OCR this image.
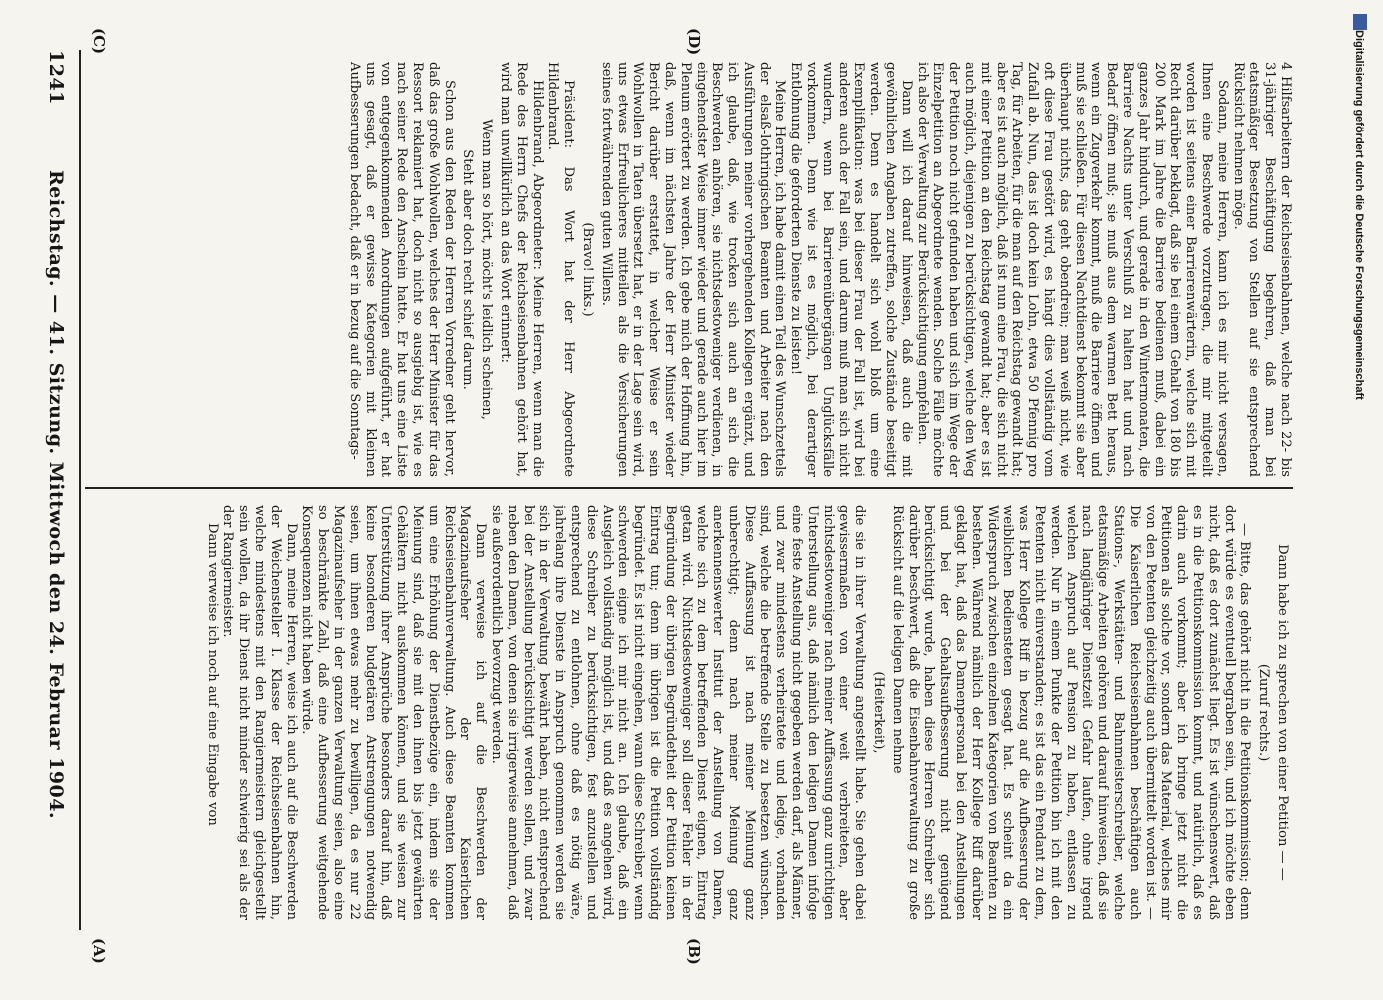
1241
Reichstag. — 41. Sitzung. Mittwoch den 24. Februar 1904.
(A)	(B)
(C)	(D)

Dann habe ich zu sprechen von einer Petition — —

(Zuruf rechts.)

— Bitte, das gehört nicht in die Petitionskommission; denn dort würde es eventuell begraben sein, und ich möchte eben nicht, daß es dort zunächst liegt. Es ist wünschenswert, daß es in die Petitionskommission kommt, und natürlich, daß es darin auch vorkommt; aber ich bringe jetzt nicht die Petitionen als solche vor, sondern das Material, welches mir von den Petenten gleichzeitig auch übermittelt worden ist. — Die Kaiserlichen Reichseisenbahnen beschäftigen auch Stations-, Werkstätten- und Bahnmeisterschreiber, welche etatsmäßige Arbeiten gehören und darauf hinweisen, daß sie nach langjähriger Dienstzeit Gefahr laufen, ohne irgend welchen Anspruch auf Pension zu haben, entlassen zu werden. Nur in einem Punkte der Petition bin ich mit den Petenten nicht einverstanden; es ist das ein Pendant zu dem, was Herr Kollege Riff in bezug auf die Aufbesserung der weiblichen Bediensteten gesagt hat. Es scheint da ein Widerspruch zwischen einzelnen Kategorien von Beamten zu bestehen. Während nämlich der Herr Kollege Riff darüber geklagt hat, daß das Damenpersonal bei den Anstellungen und bei der Gehaltsaufbesserung nicht genügend berücksichtigt wurde, haben diese Herren Schreiber sich darüber beschwert, daß die Eisenbahnverwaltung zu große Rücksicht auf die ledigen Damen nehme

(Heiterkeit),

die sie in ihrer Verwaltung angestellt habe. Sie gehen dabei gewissermaßen von einer weit verbreiteten, aber nichtsdestoweniger nach meiner Auffassung ganz unrichtigen Unterstellung aus, daß nämlich den ledigen Damen infolge eine feste Anstellung nicht gegeben werden darf, als Männer, und zwar mindestens verheiratete und ledige, vorhanden sind, welche die betreffende Stelle zu besetzen wünschen. Diese Auffassung ist nach meiner Meinung ganz unberechtigt; denn nach meiner Meinung ganz anerkennenswerter Institut der Anstellung von Damen, welche sich zu dem betreffenden Dienst eignen, Eintrag getan wird. Nichtsdestoweniger soll dieser Fehler in der Begründung der übrigen Begründetheit der Petition keinen Eintrag tun; denn im übrigen ist die Petition vollständig begründet. Es ist nicht eingehen, wann diese Schreiber, wenn schwerden eigne ich mir nicht an. Ich glaube, daß ein Ausgleich vollständig möglich ist, und daß es angehen wird, diese Schreiber zu berücksichtigen, fest anzustellen und entsprechend zu entlohnen, ohne daß es nötig wäre, jahrelang ihre Dienste in Anspruch genommen werden sie sich in der Verwaltung bewährt haben, nicht entsprechend bei der Anstellung berücksichtigt werden sollen, und zwar neben den Damen, von denen sie irrigerweise annehmen, daß sie außerordentlich bevorzugt werden.

Dann verweise ich auf die Beschwerden der Magazinaufseher der Kaiserlichen Reichseisenbahnverwaltung. Auch diese Beamten kommen um eine Erhöhung der Dienstbezüge ein, indem sie der Meinung sind, daß sie mit den ihnen bis jetzt gewährten Gehältern nicht auskommen können, und sie weisen zur Unterstützung ihrer Ansprüche besonders darauf hin, daß keine besonderen budgetären Anstrengungen notwendig seien, um ihnen etwas mehr zu bewilligen, da es nur 22 Magazinaufseher in der ganzen Verwaltung seien, also eine so beschränkte Zahl, daß eine Aufbesserung weitgehende Konsequenzen nicht haben würde.

Dann, meine Herren, weise ich auch auf die Beschwerden der Weichensteller I. Klasse der Reichseisenbahnen hin, welche mindestens mit den Rangiermeistern gleichgestellt sein wollen, da ihr Dienst nicht minder schwierig sei als der der Rangiermeister.

Dann verweise ich noch auf eine Eingabe von

4 Hilfsarbeitern der Reichseisenbahnen, welche nach 22- bis 31-jähriger Beschäftigung begehren, daß man bei etatsmäßiger Besetzung von Stellen auf sie entsprechend Rücksicht nehmen möge.

Sodann, meine Herren, kann ich es mir nicht versagen, Ihnen eine Beschwerde vorzutragen, die mir mitgeteilt worden ist seitens einer Barrierenwärterin, welche sich mit Recht darüber beklagt, daß sie bei einem Gehalt von 180 bis 200 Mark im Jahre die Barriere bedienen muß, dabei ein ganzes Jahr hindurch, und gerade in den Wintermonaten, die Barriere Nachts unter Verschluß zu halten hat und nach Bedarf öffnen muß; sie muß aus dem warmen Bett heraus, wenn ein Zugverkehr kommt, muß die Barriere öffnen und muß sie schließen. Für diesen Nachtdienst bekommt sie aber überhaupt nichts, das geht obendrein; man weiß nicht, wie oft diese Frau gestört wird, es hängt dies vollständig vom Zufall ab. Nun, das ist doch kein Lohn, etwa 50 Pfennig pro Tag, für Arbeiten, für die man auf den Reichstag gewandt hat; aber es ist auch möglich, daß ist nun eine Frau, die sich nicht mit einer Petition an den Reichstag gewandt hat; aber es ist auch möglich, diejenigen zu berücksichtigen, welche den Weg der Petition noch nicht gefunden haben und sich im Wege der Einzelpetition an Abgeordnete wenden. Solche Fälle möchte ich also der Verwaltung zur Berücksichtigung empfehlen.

Dann will ich darauf hinweisen, daß auch die mit gewöhnlichen Angaben zutreffen, solche Zustände beseitigt werden. Denn es handelt sich wohl bloß um eine Exemplifikation: was bei dieser Frau der Fall ist, wird bei anderen auch der Fall sein, und darum muß man sich nicht wundern, wenn bei Barrierenübergängen Unglücksfälle vorkommen. Denn wie ist es möglich, bei derartiger Entlohnung die geforderten Dienste zu leisten!

Meine Herren, ich habe damit einen Teil des Wunschzettels der elsaß-lothringischen Beamten und Arbeiter nach den Ausführungen meiner vorhergehenden Kollegen ergänzt, und ich glaube, daß, wie trocken sich auch an sich die Beschwerden anhören, sie nichtsdestoweniger verdienen, in eingehendster Weise immer wieder und gerade auch hier im Plenum erörtert zu werden. Ich gebe mich der Hoffnung hin, daß, wenn im nächsten Jahre der Herr Minister wieder Bericht darüber erstattet, in welcher Weise er sein Wohlwollen in Taten übersetzt hat, er in der Lage sein wird, uns etwas Erfreulicheres mitteilen als die Versicherungen seines fortwährenden guten Willens.

(Bravo! links.)

Präsident: Das Wort hat der Herr Abgeordnete Hildenbrand.

Hildenbrand, Abgeordneter: Meine Herren, wenn man die Rede des Herrn Chefs der Reichseisenbahnen gehört hat, wird man unwillkürlich an das Wort erinnert:

Wenn man so hört, möcht's leidlich scheinen,

Steht aber doch recht schief darum.

Schon aus den Reden der Herren Vorredner geht hervor, daß das große Wohlwollen, welches der Herr Minister für das Ressort reklamiert hat, doch nicht so ausgiebig ist, wie es nach seiner Rede den Anschein hatte. Er hat uns eine Liste von entgegenkommenden Anordnungen aufgeführt, er hat uns gesagt, daß er gewisse Kategorien mit kleinen Aufbesserungen bedacht, daß er in bezug auf die Sonntags-	Digitalisierung gefördert durch die Deutsche Forschungsgemeinschaft
